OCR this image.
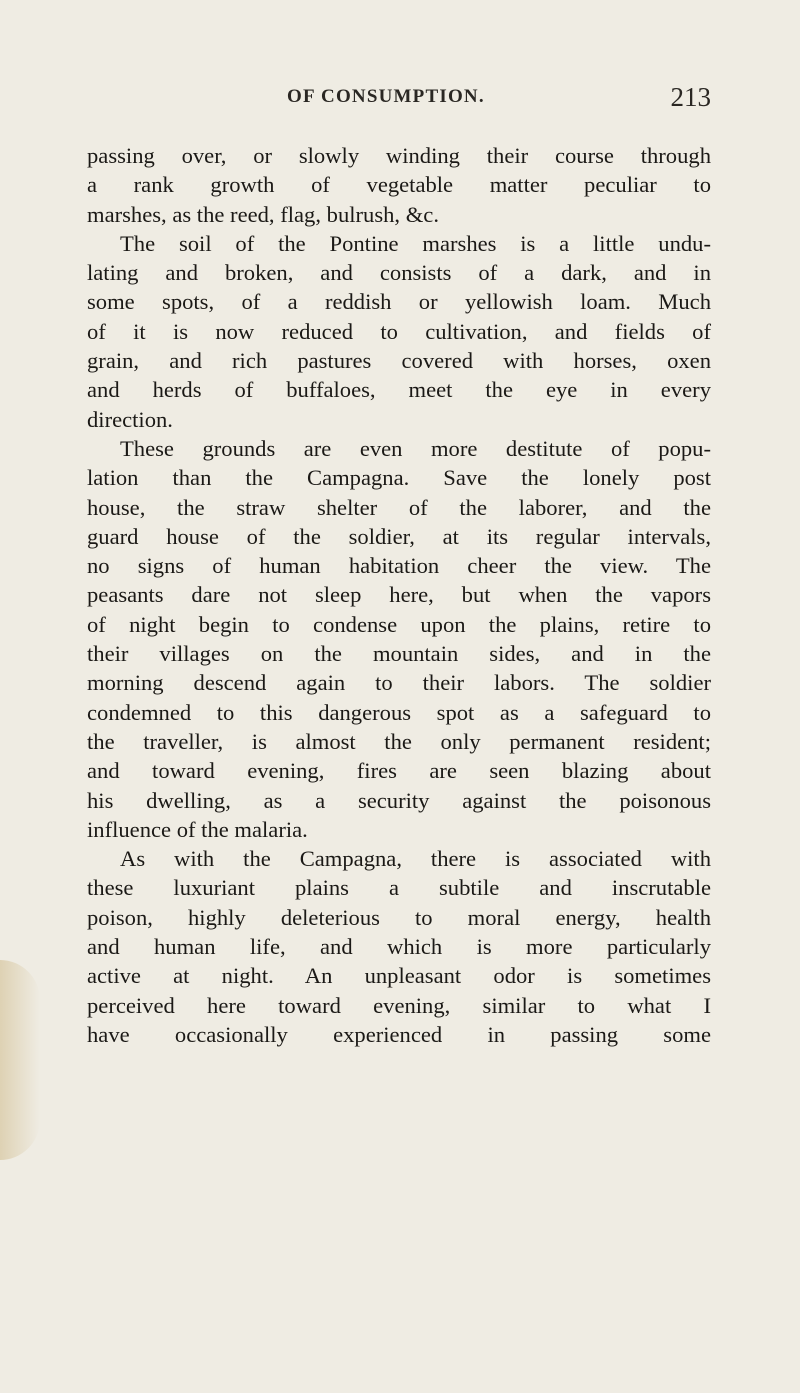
OF CONSUMPTION.	213
passing over, or slowly winding their course through
a rank growth of vegetable matter peculiar to
marshes, as the reed, flag, bulrush, &c.
The soil of the Pontine marshes is a little undu-
lating and broken, and consists of a dark, and in
some spots, of a reddish or yellowish loam. Much
of it is now reduced to cultivation, and fields of
grain, and rich pastures covered with horses, oxen
and herds of buffaloes, meet the eye in every
direction.
These grounds are even more destitute of popu-
lation than the Campagna. Save the lonely post
house, the straw shelter of the laborer, and the
guard house of the soldier, at its regular intervals,
no signs of human habitation cheer the view. The
peasants dare not sleep here, but when the vapors
of night begin to condense upon the plains, retire to
their villages on the mountain sides, and in the
morning descend again to their labors. The soldier
condemned to this dangerous spot as a safeguard to
the traveller, is almost the only permanent resident;
and toward evening, fires are seen blazing about
his dwelling, as a security against the poisonous
influence of the malaria.
As with the Campagna, there is associated with
these luxuriant plains a subtile and inscrutable
poison, highly deleterious to moral energy, health
and human life, and which is more particularly
active at night. An unpleasant odor is sometimes
perceived here toward evening, similar to what I
have occasionally experienced in passing some
